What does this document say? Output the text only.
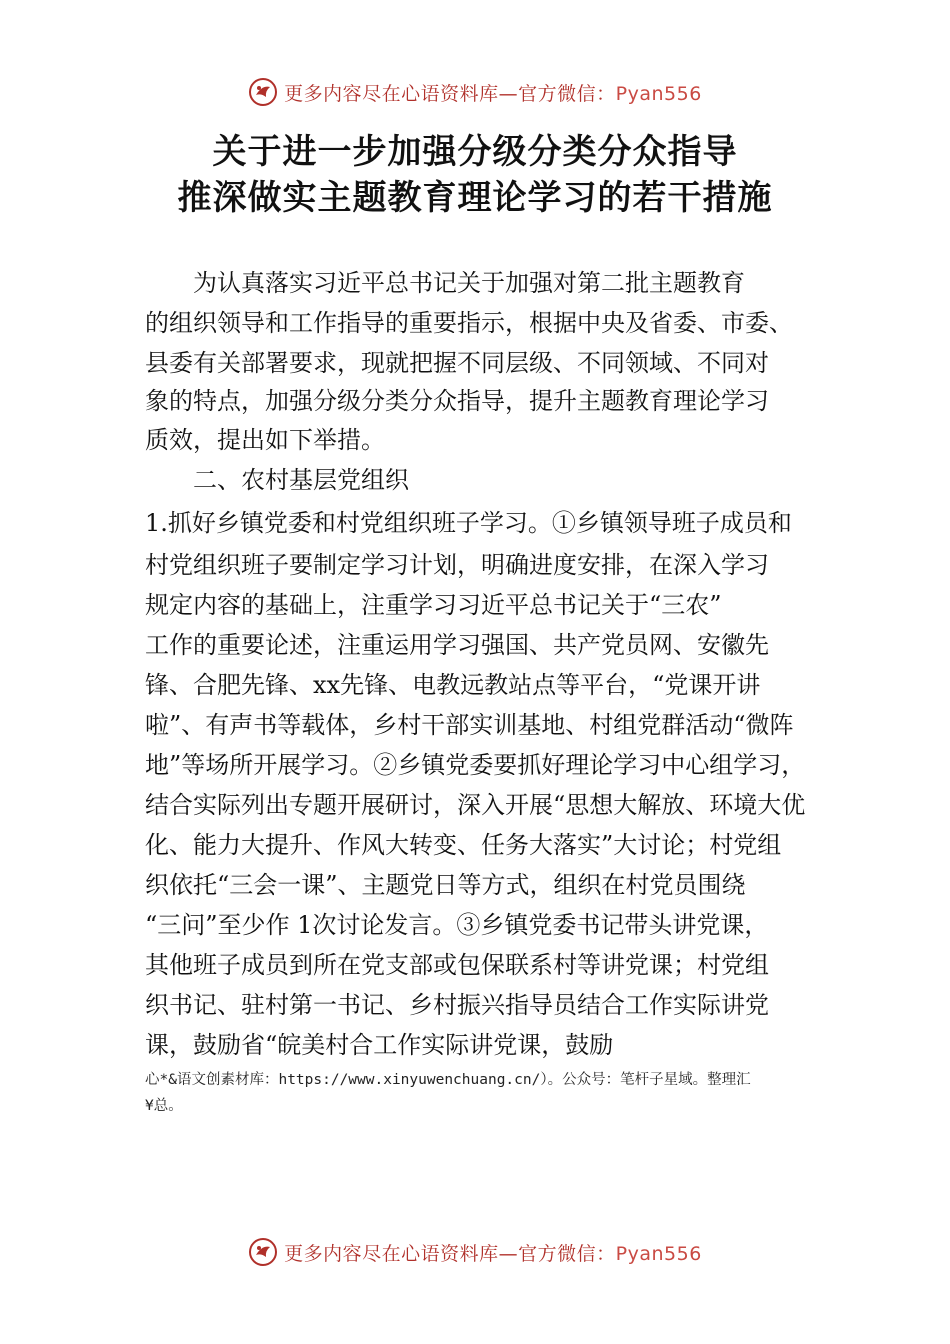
更多内容尽在心语资料库—官方微信：Pyan556
关于进一步加强分级分类分众指导
推深做实主题教育理论学习的若干措施
为认真落实习近平总书记关于加强对第二批主题教育
的组织领导和工作指导的重要指示，根据中央及省委、市委、
县委有关部署要求，现就把握不同层级、不同领域、不同对
象的特点，加强分级分类分众指导，提升主题教育理论学习
质效，提出如下举措。
二、农村基层党组织
1.抓好乡镇党委和村党组织班子学习。①乡镇领导班子成员和
村党组织班子要制定学习计划，明确进度安排，在深入学习
规定内容的基础上，注重学习习近平总书记关于“三农”
工作的重要论述，注重运用学习强国、共产党员网、安徽先
锋、合肥先锋、xx先锋、电教远教站点等平台，“党课开讲
啦”、有声书等载体，乡村干部实训基地、村组党群活动“微阵
地”等场所开展学习。②乡镇党委要抓好理论学习中心组学习，
结合实际列出专题开展研讨，深入开展“思想大解放、环境大优
化、能力大提升、作风大转变、任务大落实”大讨论；村党组
织依托“三会一课”、主题党日等方式，组织在村党员围绕
“三问”至少作 1次讨论发言。③乡镇党委书记带头讲党课，
其他班子成员到所在党支部或包保联系村等讲党课；村党组
织书记、驻村第一书记、乡村振兴指导员结合工作实际讲党
课，鼓励省“皖美村合工作实际讲党课，鼓励
心*&语文创素材库：https://www.xinyuwenchuang.cn/）。公众号：笔杆子星域。整理汇
¥总。
更多内容尽在心语资料库—官方微信：Pyan556
